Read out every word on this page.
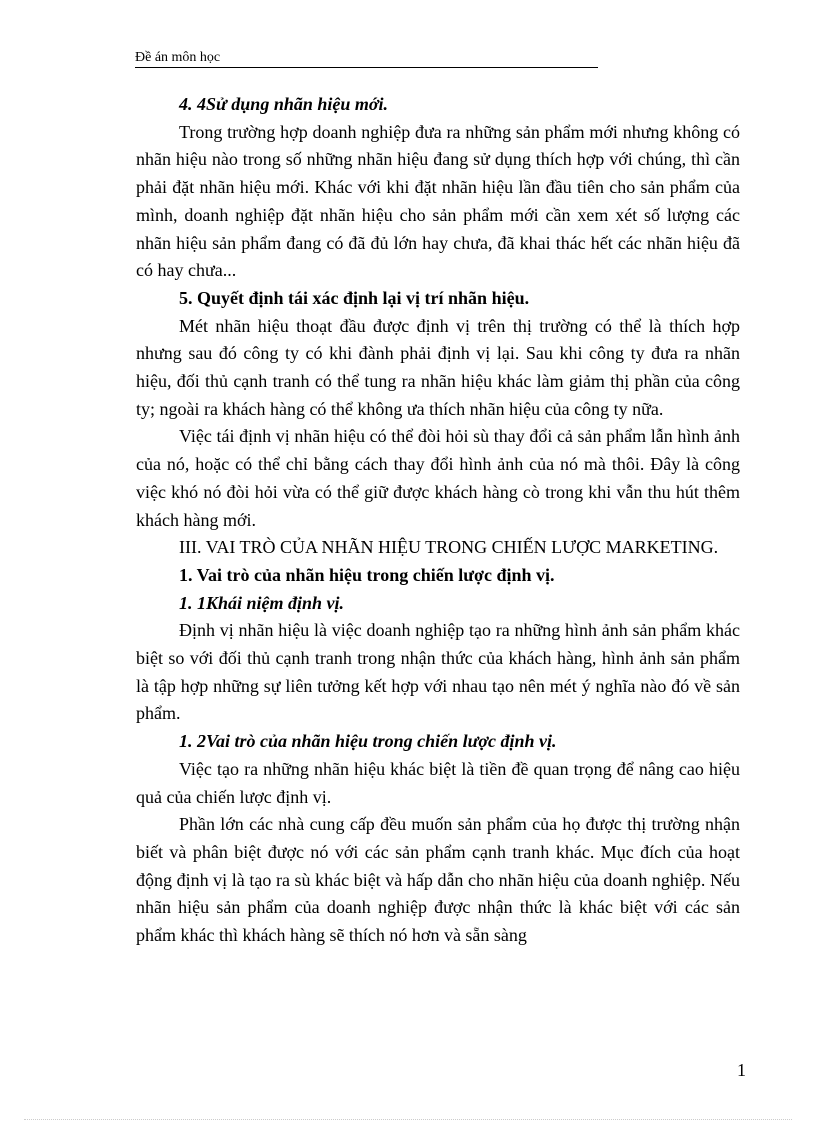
Đề án môn học

4. 4Sử dụng nhãn hiệu mới.

Trong trường hợp doanh nghiệp đưa ra những sản phẩm mới nhưng không có nhãn hiệu nào trong số những nhãn hiệu đang sử dụng thích hợp với chúng, thì cần phải đặt nhãn hiệu mới. Khác với khi đặt nhãn hiệu lần đầu tiên cho sản phẩm của mình, doanh nghiệp đặt nhãn hiệu cho sản phẩm mới cần xem xét số lượng các nhãn hiệu sản phẩm đang có đã đủ lớn hay chưa, đã khai thác hết các nhãn hiệu đã có hay chưa...

5. Quyết định tái xác định lại vị trí nhãn hiệu.

Mét nhãn hiệu thoạt đầu được định vị trên thị trường có thể là thích hợp nhưng sau đó công ty có khi đành phải định vị lại. Sau khi công ty đưa ra nhãn hiệu, đối thủ cạnh tranh có thể tung ra nhãn hiệu khác làm giảm thị phần của công ty; ngoài ra khách hàng có thể không ưa thích nhãn hiệu của công ty nữa.

Việc tái định vị nhãn hiệu có thể đòi hỏi sù thay đổi cả sản phẩm lẫn hình ảnh của nó, hoặc có thể chỉ bằng cách thay đổi hình ảnh của nó mà thôi. Đây là công việc khó nó đòi hỏi vừa có thể giữ được khách hàng cò trong khi vẫn thu hút thêm khách hàng mới.

III. VAI TRÒ CỦA NHÃN HIỆU TRONG CHIẾN LƯỢC MARKETING.

1. Vai trò của nhãn hiệu trong chiến lược định vị.

1. 1Khái niệm định vị.

Định vị nhãn hiệu là việc doanh nghiệp tạo ra những hình ảnh sản phẩm khác biệt so với đối thủ cạnh tranh trong nhận thức của khách hàng, hình ảnh sản phẩm là tập hợp những sự liên tưởng kết hợp với nhau tạo nên mét ý nghĩa nào đó về sản phẩm.

1. 2Vai trò của nhãn hiệu trong chiến lược định vị.

Việc tạo ra những nhãn hiệu khác biệt là tiền đề quan trọng để nâng cao hiệu quả của chiến lược định vị.

Phần lớn các nhà cung cấp đều muốn sản phẩm của họ được thị trường nhận biết và phân biệt được nó với các sản phẩm cạnh tranh khác. Mục đích của hoạt động định vị là tạo ra sù khác biệt và hấp dẫn cho nhãn hiệu của doanh nghiệp. Nếu nhãn hiệu sản phẩm của doanh nghiệp được nhận thức là khác biệt với các sản phẩm khác thì khách hàng sẽ thích nó hơn và sẵn sàng

1
